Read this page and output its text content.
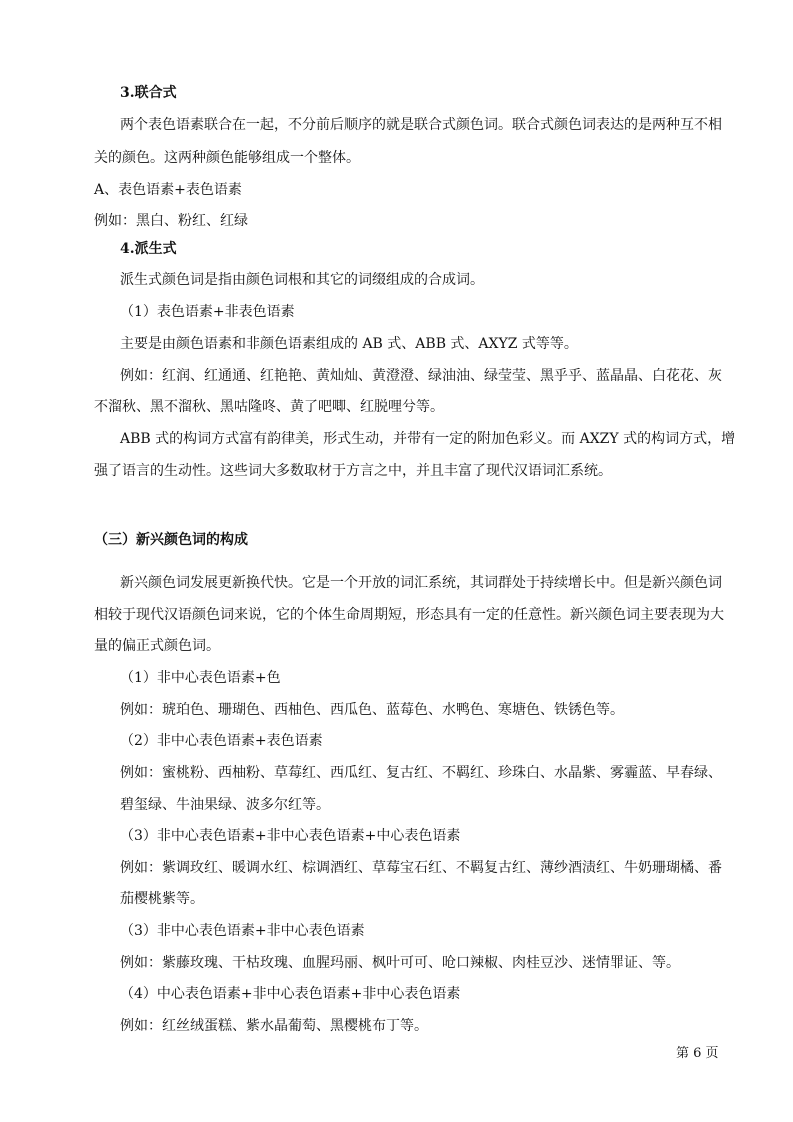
3.联合式
两个表色语素联合在一起，不分前后顺序的就是联合式颜色词。联合式颜色词表达的是两种互不相
关的颜色。这两种颜色能够组成一个整体。
A、表色语素+表色语素
例如：黑白、粉红、红绿
4.派生式
派生式颜色词是指由颜色词根和其它的词缀组成的合成词。
（1）表色语素+非表色语素
主要是由颜色语素和非颜色语素组成的 AB 式、ABB 式、AXYZ 式等等。
例如：红润、红通通、红艳艳、黄灿灿、黄澄澄、绿油油、绿莹莹、黑乎乎、蓝晶晶、白花花、灰
不溜秋、黑不溜秋、黑咕隆咚、黄了吧唧、红脱哩兮等。
ABB 式的构词方式富有韵律美，形式生动，并带有一定的附加色彩义。而 AXZY 式的构词方式，增
强了语言的生动性。这些词大多数取材于方言之中，并且丰富了现代汉语词汇系统。
（三）新兴颜色词的构成
新兴颜色词发展更新换代快。它是一个开放的词汇系统，其词群处于持续增长中。但是新兴颜色词
相较于现代汉语颜色词来说，它的个体生命周期短，形态具有一定的任意性。新兴颜色词主要表现为大
量的偏正式颜色词。
（1）非中心表色语素+色
例如：琥珀色、珊瑚色、西柚色、西瓜色、蓝莓色、水鸭色、寒塘色、铁锈色等。
（2）非中心表色语素+表色语素
例如：蜜桃粉、西柚粉、草莓红、西瓜红、复古红、不羁红、珍珠白、水晶紫、雾霾蓝、早春绿、
碧玺绿、牛油果绿、波多尔红等。
（3）非中心表色语素+非中心表色语素+中心表色语素
例如：紫调玫红、暖调水红、棕调酒红、草莓宝石红、不羁复古红、薄纱酒渍红、牛奶珊瑚橘、番
茄樱桃紫等。
（3）非中心表色语素+非中心表色语素
例如：紫藤玫瑰、干枯玫瑰、血腥玛丽、枫叶可可、呛口辣椒、肉桂豆沙、迷情罪证、等。
（4）中心表色语素+非中心表色语素+非中心表色语素
例如：红丝绒蛋糕、紫水晶葡萄、黑樱桃布丁等。
第 6 页
